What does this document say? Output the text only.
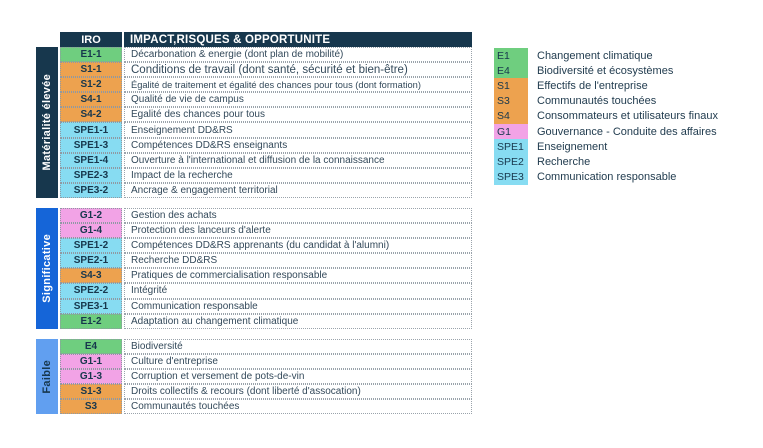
IRO	IMPACT,RISQUES & OPPORTUNITE
Matérialité élevée
E1-1	Décarbonation & energie (dont plan de mobilité)
S1-1	Conditions de travail (dont santé, sécurité et bien-être)
S1-2	Égalité de traitement et égalité des chances pour tous (dont formation)
S4-1	Qualité de vie de campus
S4-2	Egalité des chances pour tous
SPE1-1	Enseignement DD&RS
SPE1-3	Compétences DD&RS enseignants
SPE1-4	Ouverture à l'international et diffusion de la connaissance
SPE2-3	Impact de la recherche
SPE3-2	Ancrage & engagement territorial
Significative
G1-2	Gestion des achats
G1-4	Protection des lanceurs d'alerte
SPE1-2	Compétences DD&RS apprenants (du candidat à l'alumni)
SPE2-1	Recherche DD&RS
S4-3	Pratiques de commercialisation responsable
SPE2-2	Intégrité
SPE3-1	Communication responsable
E1-2	Adaptation au changement climatique
Faible
E4	Biodiversité
G1-1	Culture d'entreprise
G1-3	Corruption et versement de pots-de-vin
S1-3	Droits collectifs & recours (dont liberté d'assocation)
S3	Communautés touchées
E1	Changement climatique
E4	Biodiversité et écosystèmes
S1	Effectifs de l'entreprise
S3	Communautés touchées
S4	Consommateurs et utilisateurs finaux
G1	Gouvernance - Conduite des affaires
SPE1	Enseignement
SPE2	Recherche
SPE3	Communication responsable
